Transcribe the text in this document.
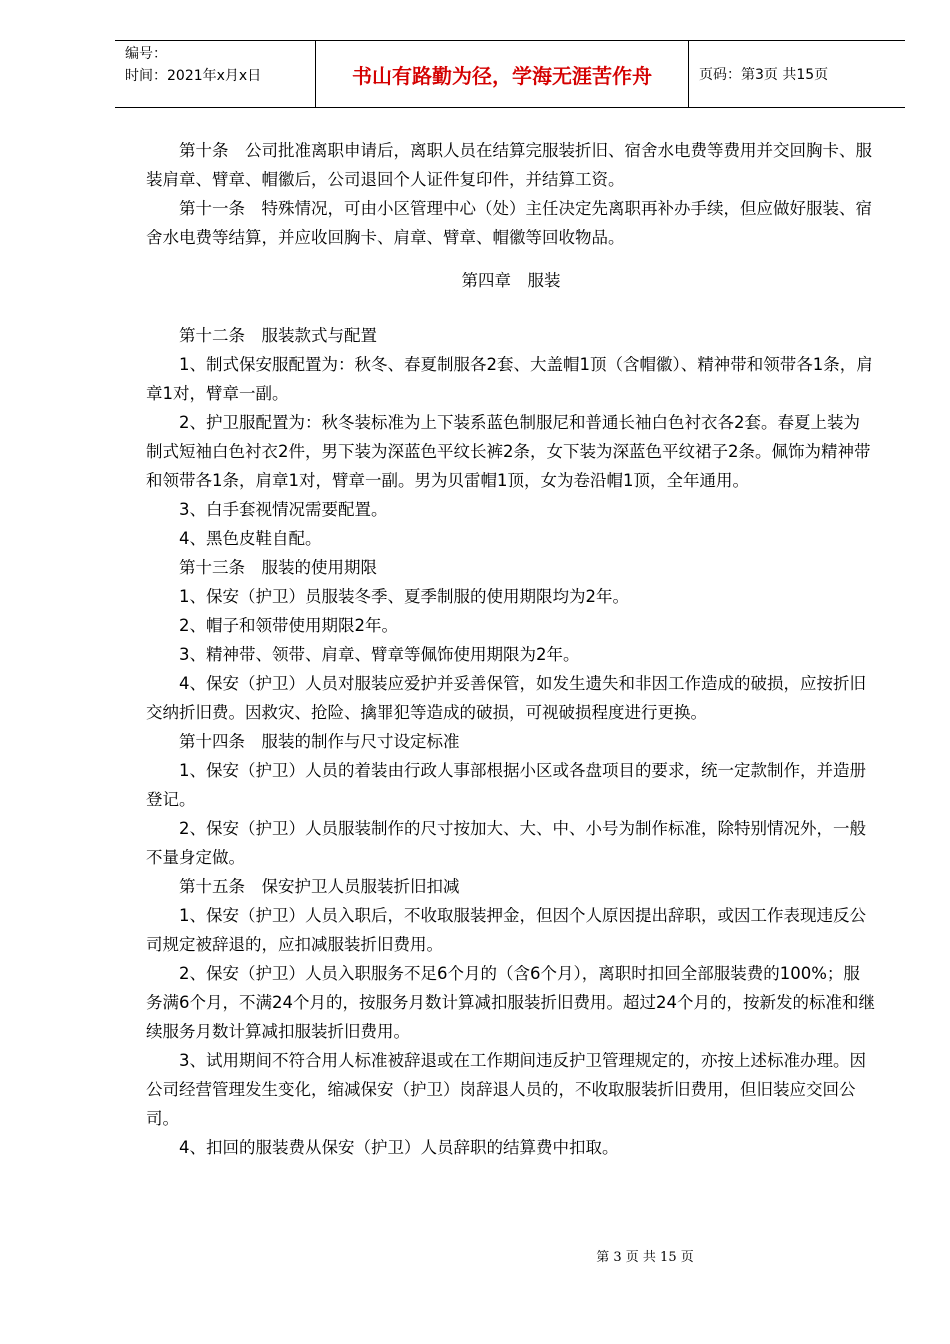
编号：
时间：2021年x月x日	书山有路勤为径，学海无涯苦作舟	页码：第3页 共15页

第十条　公司批准离职申请后，离职人员在结算完服装折旧、宿舍水电费等费用并交回胸卡、服装肩章、臂章、帽徽后，公司退回个人证件复印件，并结算工资。

第十一条　特殊情况，可由小区管理中心（处）主任决定先离职再补办手续，但应做好服装、宿舍水电费等结算，并应收回胸卡、肩章、臂章、帽徽等回收物品。

第四章　服装

第十二条　服装款式与配置

1、制式保安服配置为：秋冬、春夏制服各2套、大盖帽1顶（含帽徽）、精神带和领带各1条，肩章1对，臂章一副。

2、护卫服配置为：秋冬装标准为上下装系蓝色制服尼和普通长袖白色衬衣各2套。春夏上装为制式短袖白色衬衣2件，男下装为深蓝色平纹长裤2条，女下装为深蓝色平纹裙子2条。佩饰为精神带和领带各1条，肩章1对，臂章一副。男为贝雷帽1顶，女为卷沿帽1顶，全年通用。

3、白手套视情况需要配置。

4、黑色皮鞋自配。

第十三条　服装的使用期限

1、保安（护卫）员服装冬季、夏季制服的使用期限均为2年。

2、帽子和领带使用期限2年。

3、精神带、领带、肩章、臂章等佩饰使用期限为2年。

4、保安（护卫）人员对服装应爱护并妥善保管，如发生遗失和非因工作造成的破损，应按折旧交纳折旧费。因救灾、抢险、擒罪犯等造成的破损，可视破损程度进行更换。

第十四条　服装的制作与尺寸设定标准

1、保安（护卫）人员的着装由行政人事部根据小区或各盘项目的要求，统一定款制作，并造册登记。

2、保安（护卫）人员服装制作的尺寸按加大、大、中、小号为制作标准，除特别情况外，一般不量身定做。

第十五条　保安护卫人员服装折旧扣减

1、保安（护卫）人员入职后，不收取服装押金，但因个人原因提出辞职，或因工作表现违反公司规定被辞退的，应扣减服装折旧费用。

2、保安（护卫）人员入职服务不足6个月的（含6个月），离职时扣回全部服装费的100%；服务满6个月，不满24个月的，按服务月数计算减扣服装折旧费用。超过24个月的，按新发的标准和继续服务月数计算减扣服装折旧费用。

3、试用期间不符合用人标准被辞退或在工作期间违反护卫管理规定的，亦按上述标准办理。因公司经营管理发生变化，缩减保安（护卫）岗辞退人员的，不收取服装折旧费用，但旧装应交回公司。

4、扣回的服装费从保安（护卫）人员辞职的结算费中扣取。

第 3 页 共 15 页
